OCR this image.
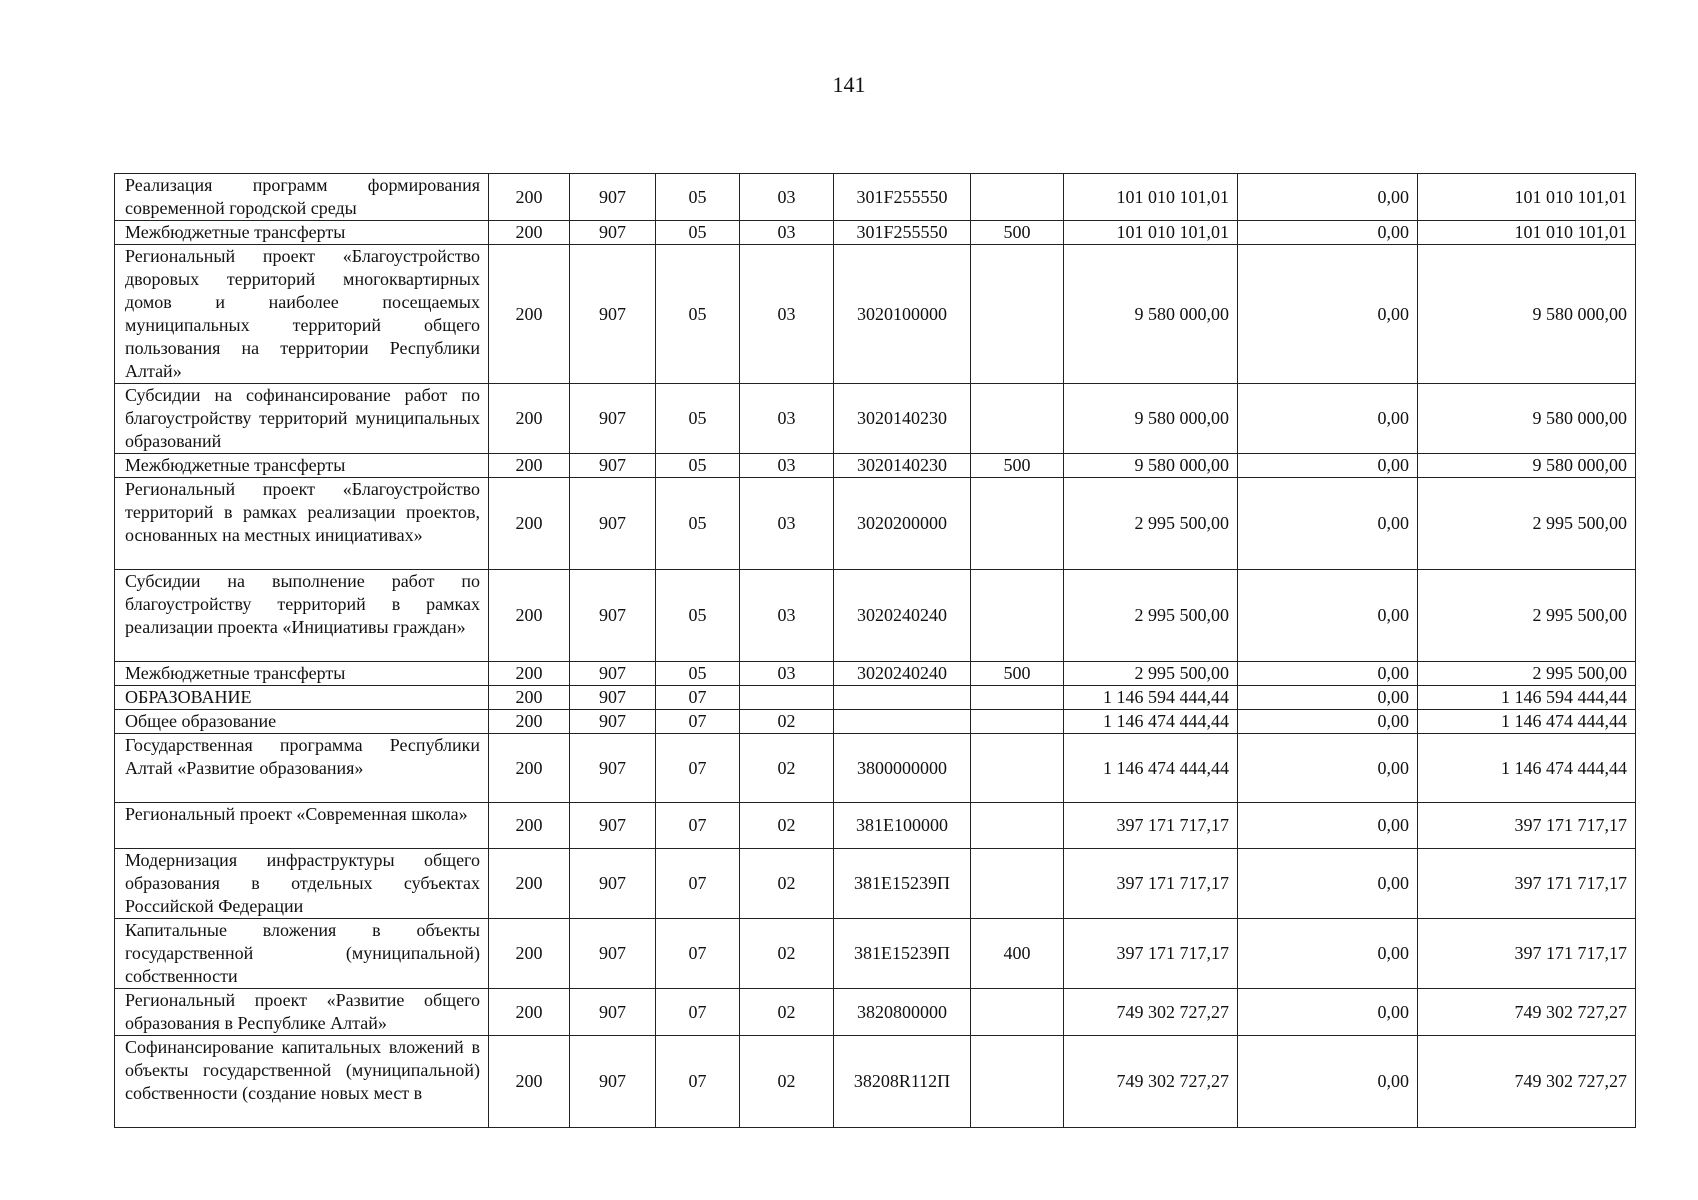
141
Реализация программ формирования современной городской среды	200	907	05	03	301F255550		101 010 101,01	0,00	101 010 101,01
Межбюджетные трансферты	200	907	05	03	301F255550	500	101 010 101,01	0,00	101 010 101,01
Региональный проект «Благоустройство дворовых территорий многоквартирных домов и наиболее посещаемых муниципальных территорий общего пользования на территории Республики Алтай»	200	907	05	03	3020100000		9 580 000,00	0,00	9 580 000,00
Субсидии на софинансирование работ по благоустройству территорий муниципальных образований	200	907	05	03	3020140230		9 580 000,00	0,00	9 580 000,00
Межбюджетные трансферты	200	907	05	03	3020140230	500	9 580 000,00	0,00	9 580 000,00
Региональный проект «Благоустройство территорий в рамках реализации проектов, основанных на местных инициативах»	200	907	05	03	3020200000		2 995 500,00	0,00	2 995 500,00
Субсидии на выполнение работ по благоустройству территорий в рамках реализации проекта «Инициативы граждан»	200	907	05	03	3020240240		2 995 500,00	0,00	2 995 500,00
Межбюджетные трансферты	200	907	05	03	3020240240	500	2 995 500,00	0,00	2 995 500,00
ОБРАЗОВАНИЕ	200	907	07				1 146 594 444,44	0,00	1 146 594 444,44
Общее образование	200	907	07	02			1 146 474 444,44	0,00	1 146 474 444,44
Государственная программа Республики Алтай «Развитие образования»	200	907	07	02	3800000000		1 146 474 444,44	0,00	1 146 474 444,44
Региональный проект «Современная школа»	200	907	07	02	381E100000		397 171 717,17	0,00	397 171 717,17
Модернизация инфраструктуры общего образования в отдельных субъектах Российской Федерации	200	907	07	02	381E15239П		397 171 717,17	0,00	397 171 717,17
Капитальные вложения в объекты государственной (муниципальной) собственности	200	907	07	02	381E15239П	400	397 171 717,17	0,00	397 171 717,17
Региональный проект «Развитие общего образования в Республике Алтай»	200	907	07	02	3820800000		749 302 727,27	0,00	749 302 727,27
Софинансирование капитальных вложений в объекты государственной (муниципальной) собственности (создание новых мест в	200	907	07	02	38208R112П		749 302 727,27	0,00	749 302 727,27
